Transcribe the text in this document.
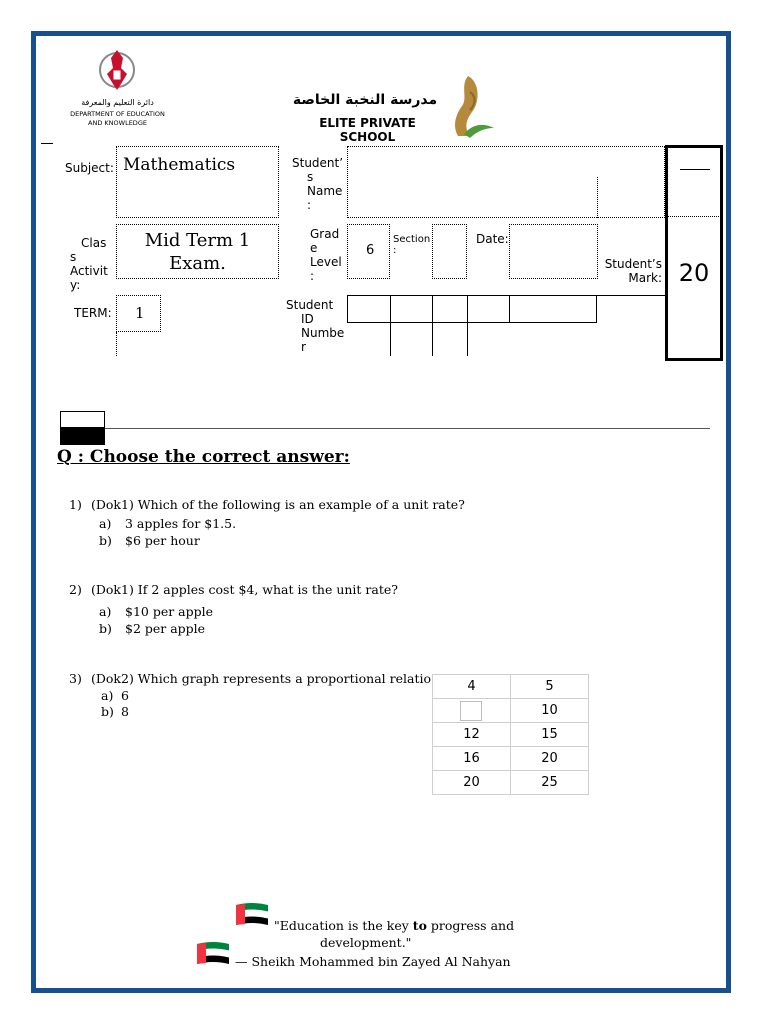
دائرة التعليم والمعرفة
DEPARTMENT OF EDUCATION
AND KNOWLEDGE
مدرسة النخبة الخاصة
ELITE PRIVATE SCHOOL
Subject: Mathematics	Student’
s
Name
:
Clas
s
Activit
y:
Mid Term 1
Exam.
Grad
e
Level
:
6
Section
:
Date:
Student’s
Mark: 20
TERM: 1	Student
ID
Numbe
r
Q : Choose the correct answer:
1) (Dok1) Which of the following is an example of a unit rate?
a) 3 apples for $1.5.
b) $6 per hour
2) (Dok1) If 2 apples cost $4, what is the unit rate?
a) $10 per apple
b) $2 per apple
3) (Dok2) Which graph represents a proportional relatio
a) 6
b) 8
4	5
	10
12	15
16	20
20	25
"Education is the key to progress and
development."
— Sheikh Mohammed bin Zayed Al Nahyan
